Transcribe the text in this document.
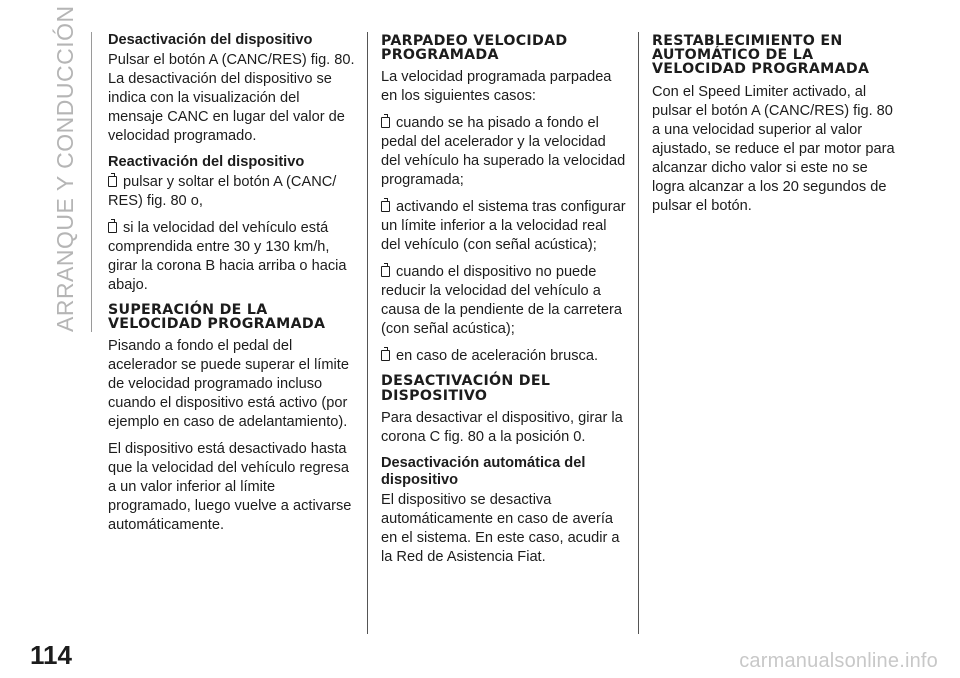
ARRANQUE Y CONDUCCIÓN Desactivación del dispositivo

Pulsar el botón A (CANC/RES) fig. 80. La desactivación del dispositivo se indica con la visualización del mensaje CANC en lugar del valor de velocidad programado.

Reactivación del dispositivo

pulsar y soltar el botón A (CANC/ RES) fig. 80 o,

si la velocidad del vehículo está comprendida entre 30 y 130 km/h, girar la corona B hacia arriba o hacia abajo.

SUPERACIÓN DE LA VELOCIDAD PROGRAMADA

Pisando a fondo el pedal del acelerador se puede superar el límite de velocidad programado incluso cuando el dispositivo está activo (por ejemplo en caso de adelantamiento).

El dispositivo está desactivado hasta que la velocidad del vehículo regresa a un valor inferior al límite programado, luego vuelve a activarse automáticamente.

PARPADEO VELOCIDAD PROGRAMADA

La velocidad programada parpadea en los siguientes casos:

cuando se ha pisado a fondo el pedal del acelerador y la velocidad del vehículo ha superado la velocidad programada;

activando el sistema tras configurar un límite inferior a la velocidad real del vehículo (con señal acústica);

cuando el dispositivo no puede reducir la velocidad del vehículo a causa de la pendiente de la carretera (con señal acústica);

en caso de aceleración brusca.

DESACTIVACIÓN DEL DISPOSITIVO

Para desactivar el dispositivo, girar la corona C fig. 80 a la posición 0.

Desactivación automática del dispositivo

El dispositivo se desactiva automáticamente en caso de avería en el sistema. En este caso, acudir a la Red de Asistencia Fiat.

RESTABLECIMIENTO EN AUTOMÁTICO DE LA VELOCIDAD PROGRAMADA

Con el Speed Limiter activado, al pulsar el botón A (CANC/RES) fig. 80 a una velocidad superior al valor ajustado, se reduce el par motor para alcanzar dicho valor si este no se logra alcanzar a los 20 segundos de pulsar el botón.

114	carmanualsonline.info
